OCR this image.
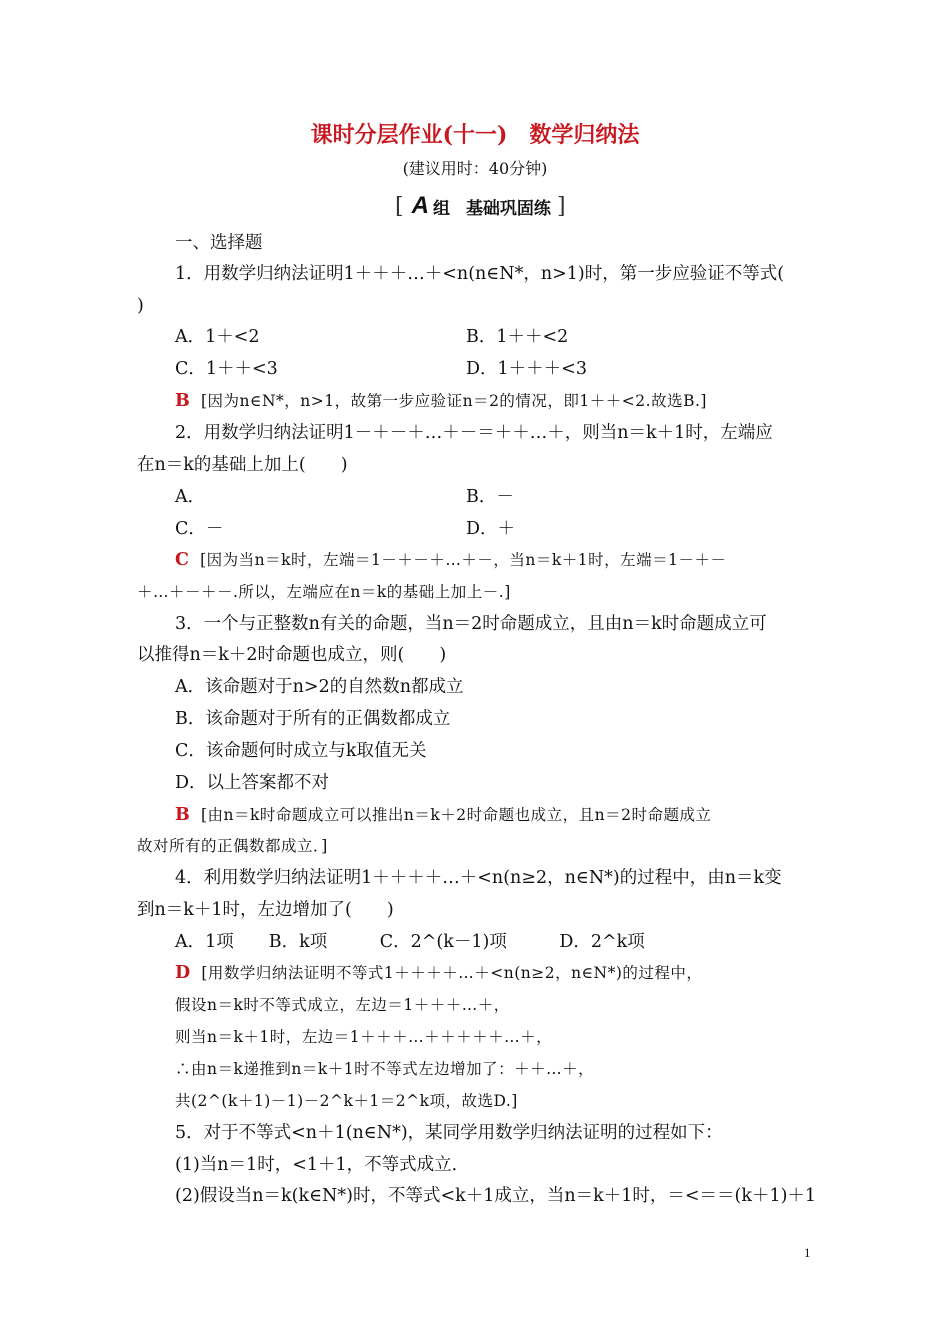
课时分层作业(十一)　数学归纳法
(建议用时：40分钟)
[ A 组 基础巩固练 ]
一、选择题
1．用数学归纳法证明1＋＋＋…＋<n(n∈N*，n>1)时，第一步应验证不等式(
)
A．1＋<2	B．1＋＋<2
C．1＋＋<3	D．1＋＋＋<3
B [因为n∈N*，n>1，故第一步应验证n＝2的情况，即1＋＋<2.故选B.]
2．用数学归纳法证明1－＋－＋…＋－＝＋＋…＋，则当n＝k＋1时，左端应
在n＝k的基础上加上(　　)
A．	B．－
C．－	D．＋
C [因为当n＝k时，左端＝1－＋－＋…＋－，当n＝k＋1时，左端＝1－＋－
＋…＋－＋－.所以，左端应在n＝k的基础上加上－.]
3．一个与正整数n有关的命题，当n＝2时命题成立，且由n＝k时命题成立可
以推得n＝k＋2时命题也成立，则(　　)
A．该命题对于n>2的自然数n都成立
B．该命题对于所有的正偶数都成立
C．该命题何时成立与k取值无关
D．以上答案都不对
B [由n＝k时命题成立可以推出n＝k＋2时命题也成立，且n＝2时命题成立
故对所有的正偶数都成立．]
4．利用数学归纳法证明1＋＋＋＋…＋<n(n≥2，n∈N*)的过程中，由n＝k变
到n＝k＋1时，左边增加了(　　)
A．1项　　B．k项　　　C．2^(k－1)项　　　D．2^k项
D [用数学归纳法证明不等式1＋＋＋＋…＋<n(n≥2，n∈N*)的过程中，
假设n＝k时不等式成立，左边＝1＋＋＋…＋，
则当n＝k＋1时，左边＝1＋＋＋…＋＋＋＋＋…＋，
∴由n＝k递推到n＝k＋1时不等式左边增加了：＋＋…＋，
共(2^(k＋1)－1)－2^k＋1＝2^k项，故选D.]
5．对于不等式<n＋1(n∈N*)，某同学用数学归纳法证明的过程如下：
(1)当n＝1时，<1＋1，不等式成立．
(2)假设当n＝k(k∈N*)时，不等式<k＋1成立，当n＝k＋1时，＝<＝＝(k＋1)＋1
1
